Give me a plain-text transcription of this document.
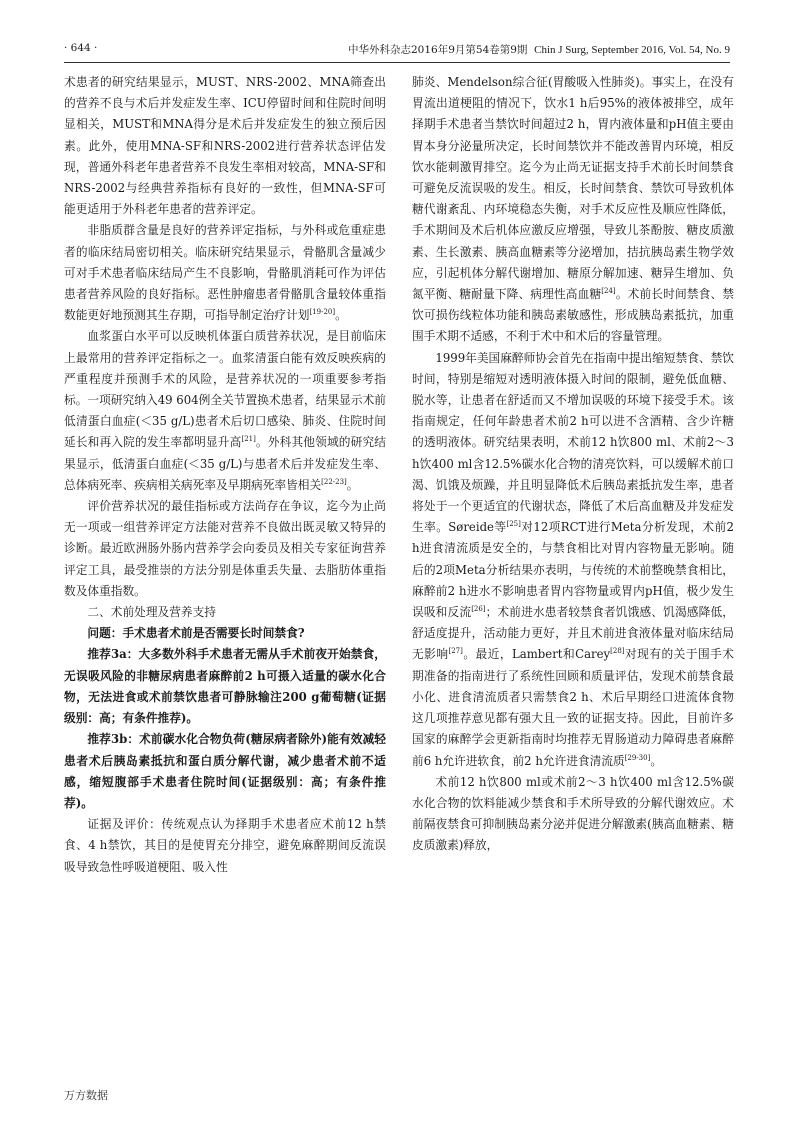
· 644 ·	中华外科杂志2016年9月第54卷第9期 Chin J Surg, September 2016, Vol. 54, No. 9

术患者的研究结果显示，MUST、NRS-2002、MNA筛查出的营养不良与术后并发症发生率、ICU停留时间和住院时间明显相关，MUST和MNA得分是术后并发症发生的独立预后因素。此外，使用MNA-SF和NRS-2002进行营养状态评估发现，普通外科老年患者营养不良发生率相对较高，MNA-SF和NRS-2002与经典营养指标有良好的一致性，但MNA-SF可能更适用于外科老年患者的营养评定。

非脂质群含量是良好的营养评定指标，与外科或危重症患者的临床结局密切相关。临床研究结果显示，骨骼肌含量减少可对手术患者临床结局产生不良影响，骨骼肌消耗可作为评估患者营养风险的良好指标。恶性肿瘤患者骨骼肌含量较体重指数能更好地预测其生存期，可指导制定治疗计划[19-20]。

血浆蛋白水平可以反映机体蛋白质营养状况，是目前临床上最常用的营养评定指标之一。血浆清蛋白能有效反映疾病的严重程度并预测手术的风险，是营养状况的一项重要参考指标。一项研究纳入49 604例全关节置换术患者，结果显示术前低清蛋白血症(＜35 g/L)患者术后切口感染、肺炎、住院时间延长和再入院的发生率都明显升高[21]。外科其他领域的研究结果显示，低清蛋白血症(＜35 g/L)与患者术后并发症发生率、总体病死率、疾病相关病死率及早期病死率皆相关[22-23]。

评价营养状况的最佳指标或方法尚存在争议，迄今为止尚无一项或一组营养评定方法能对营养不良做出既灵敏又特异的诊断。最近欧洲肠外肠内营养学会向委员及相关专家征询营养评定工具，最受推崇的方法分别是体重丢失量、去脂肪体重指数及体重指数。

二、术前处理及营养支持

问题：手术患者术前是否需要长时间禁食?

推荐3a：大多数外科手术患者无需从手术前夜开始禁食，无误吸风险的非糖尿病患者麻醉前2 h可摄入适量的碳水化合物，无法进食或术前禁饮患者可静脉输注200 g葡萄糖(证据级别：高；有条件推荐)。

推荐3b：术前碳水化合物负荷(糖尿病者除外)能有效减轻患者术后胰岛素抵抗和蛋白质分解代谢，减少患者术前不适感，缩短腹部手术患者住院时间(证据级别：高；有条件推荐)。

证据及评价：传统观点认为择期手术患者应术前12 h禁食、4 h禁饮，其目的是使胃充分排空，避免麻醉期间反流误吸导致急性呼吸道梗阻、吸入性

肺炎、Mendelson综合征(胃酸吸入性肺炎)。事实上，在没有胃流出道梗阻的情况下，饮水1 h后95%的液体被排空，成年择期手术患者当禁饮时间超过2 h，胃内液体量和pH值主要由胃本身分泌量所决定，长时间禁饮并不能改善胃内环境，相反饮水能刺激胃排空。迄今为止尚无证据支持手术前长时间禁食可避免反流误吸的发生。相反，长时间禁食、禁饮可导致机体糖代谢紊乱、内环境稳态失衡，对手术反应性及顺应性降低，手术期间及术后机体应激反应增强，导致儿茶酚胺、糖皮质激素、生长激素、胰高血糖素等分泌增加，拮抗胰岛素生物学效应，引起机体分解代谢增加、糖原分解加速、糖异生增加、负氮平衡、糖耐量下降、病理性高血糖[24]。术前长时间禁食、禁饮可损伤线粒体功能和胰岛素敏感性，形成胰岛素抵抗，加重围手术期不适感，不利于术中和术后的容量管理。

1999年美国麻醉师协会首先在指南中提出缩短禁食、禁饮时间，特别是缩短对透明液体摄入时间的限制，避免低血糖、脱水等，让患者在舒适而又不增加误吸的环境下接受手术。该指南规定，任何年龄患者术前2 h可以进不含酒精、含少许糖的透明液体。研究结果表明，术前12 h饮800 ml、术前2～3 h饮400 ml含12.5%碳水化合物的清亮饮料，可以缓解术前口渴、饥饿及烦躁，并且明显降低术后胰岛素抵抗发生率，患者将处于一个更适宜的代谢状态，降低了术后高血糖及并发症发生率。Søreide等[25]对12项RCT进行Meta分析发现，术前2 h进食清流质是安全的，与禁食相比对胃内容物量无影响。随后的2项Meta分析结果亦表明，与传统的术前整晚禁食相比，麻醉前2 h进水不影响患者胃内容物量或胃内pH值，极少发生误吸和反流[26]；术前进水患者较禁食者饥饿感、饥渴感降低，舒适度提升，活动能力更好，并且术前进食液体量对临床结局无影响[27]。最近，Lambert和Carey[28]对现有的关于围手术期准备的指南进行了系统性回顾和质量评估，发现术前禁食最小化、进食清流质者只需禁食2 h、术后早期经口进流体食物这几项推荐意见都有强大且一致的证据支持。因此，目前许多国家的麻醉学会更新指南时均推荐无胃肠道动力障碍患者麻醉前6 h允许进软食，前2 h允许进食清流质[29-30]。

术前12 h饮800 ml或术前2～3 h饮400 ml含12.5%碳水化合物的饮料能减少禁食和手术所导致的分解代谢效应。术前隔夜禁食可抑制胰岛素分泌并促进分解激素(胰高血糖素、糖皮质激素)释放，

万方数据
